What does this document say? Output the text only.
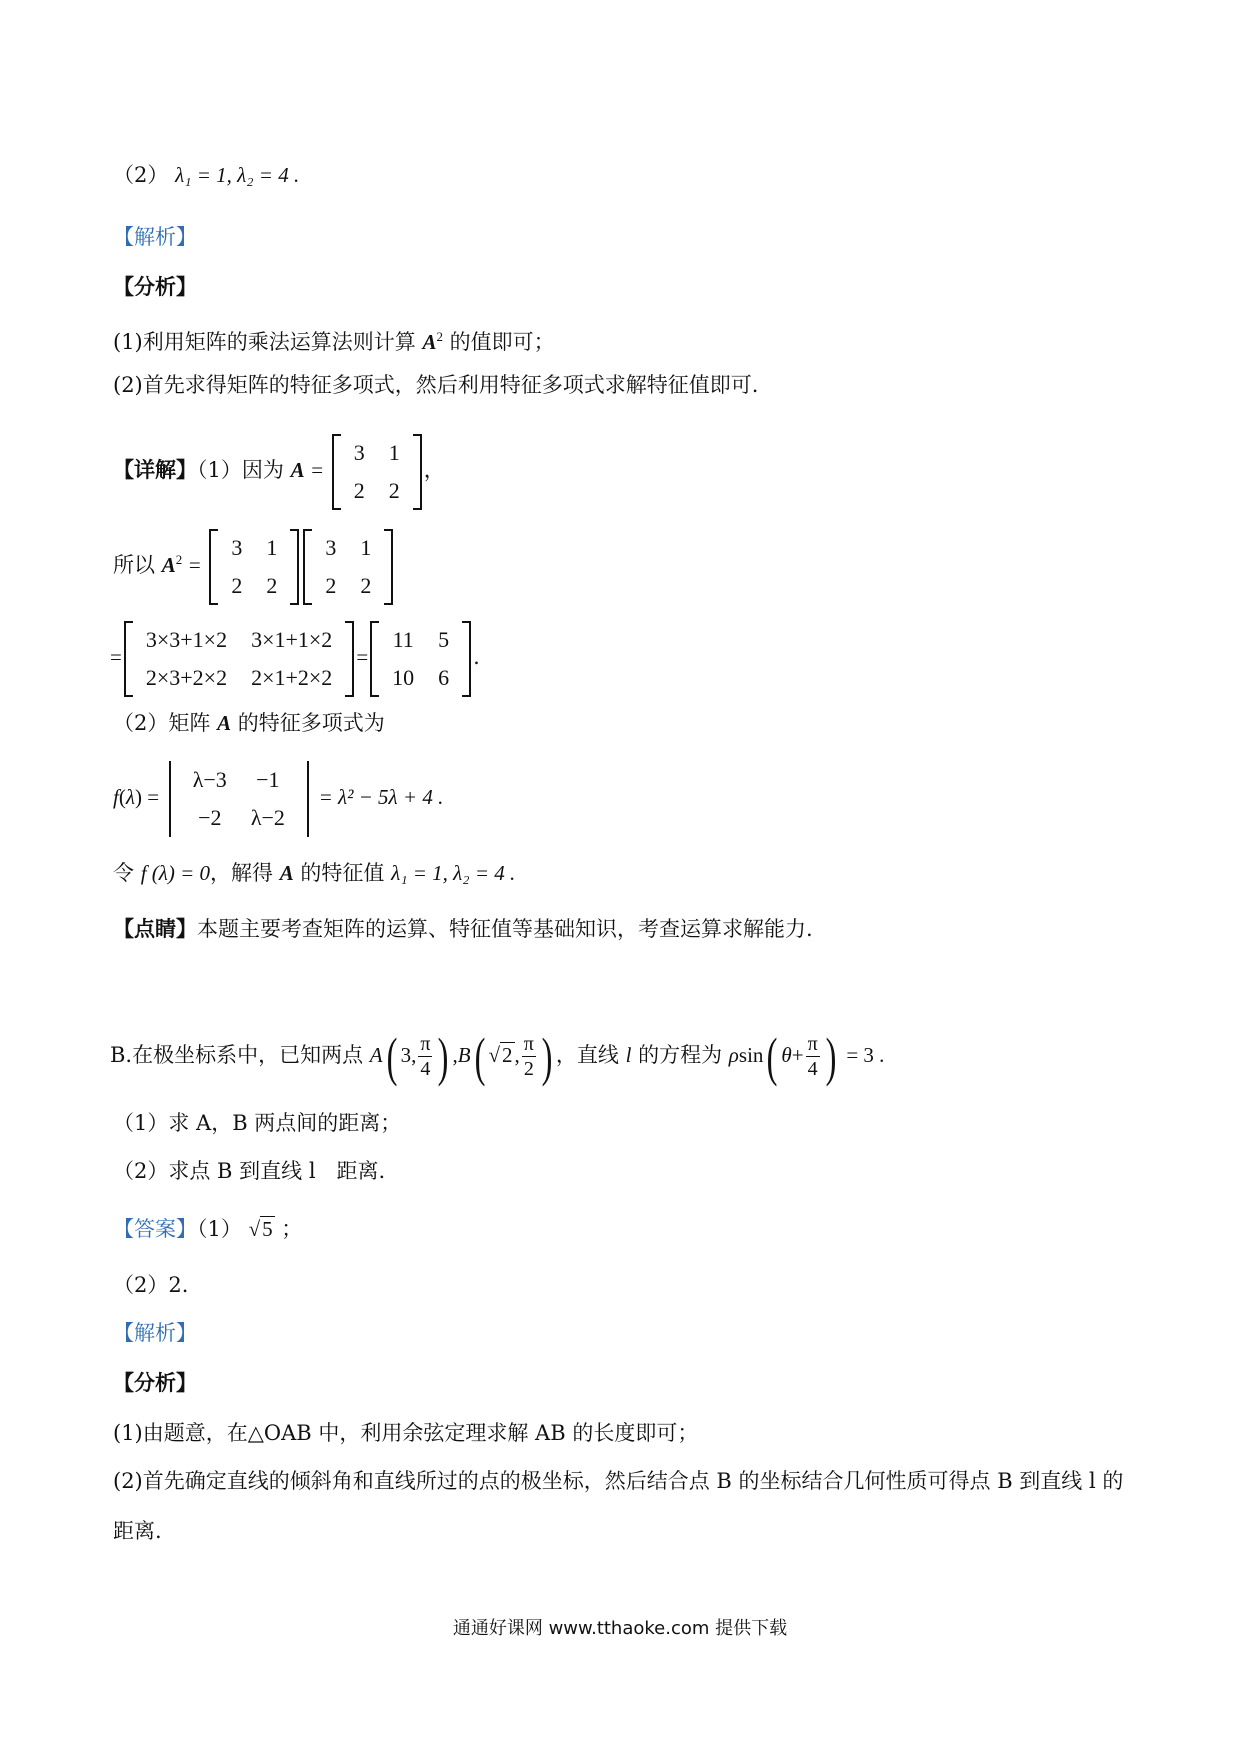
（2） λ₁ = 1, λ₂ = 4 .
【解析】
【分析】
(1)利用矩阵的乘法运算法则计算 $A^2$ 的值即可；
(2)首先求得矩阵的特征多项式，然后利用特征多项式求解特征值即可.
【详解】（1）因为 A =
3	1
2	2
，
所以 $A^2$ =
3	1
2	2
3	1
2	2
=
3×3+1×2	3×1+1×2
2×3+2×2	2×1+2×2
=
11	5
10	6
.
（2）矩阵 A 的特征多项式为
f(λ) =
λ−3	−1
−2	λ−2
= λ² − 5λ + 4 .
令 f (λ) = 0，解得 A 的特征值 λ₁ = 1, λ₂ = 4 .
【点睛】本题主要考查矩阵的运算、特征值等基础知识，考查运算求解能力.
B.在极坐标系中，已知两点 A( 3, $\frac{\pi}{4}$ ) ,B( √2, $\frac{\pi}{2}$ ) ，直线 l 的方程为 ρsin( $\theta+ \frac{\pi}{4}$ ) = 3 .
（1）求 A，B 两点间的距离；
（2）求点 B 到直线 l　距离.
【答案】（1） √5 ；
（2）2.
【解析】
【分析】
(1)由题意，在△OAB 中，利用余弦定理求解 AB 的长度即可；
(2)首先确定直线的倾斜角和直线所过的点的极坐标，然后结合点 B 的坐标结合几何性质可得点 B 到直线 l 的
距离.
通通好课网 www.tthaoke.com 提供下载
